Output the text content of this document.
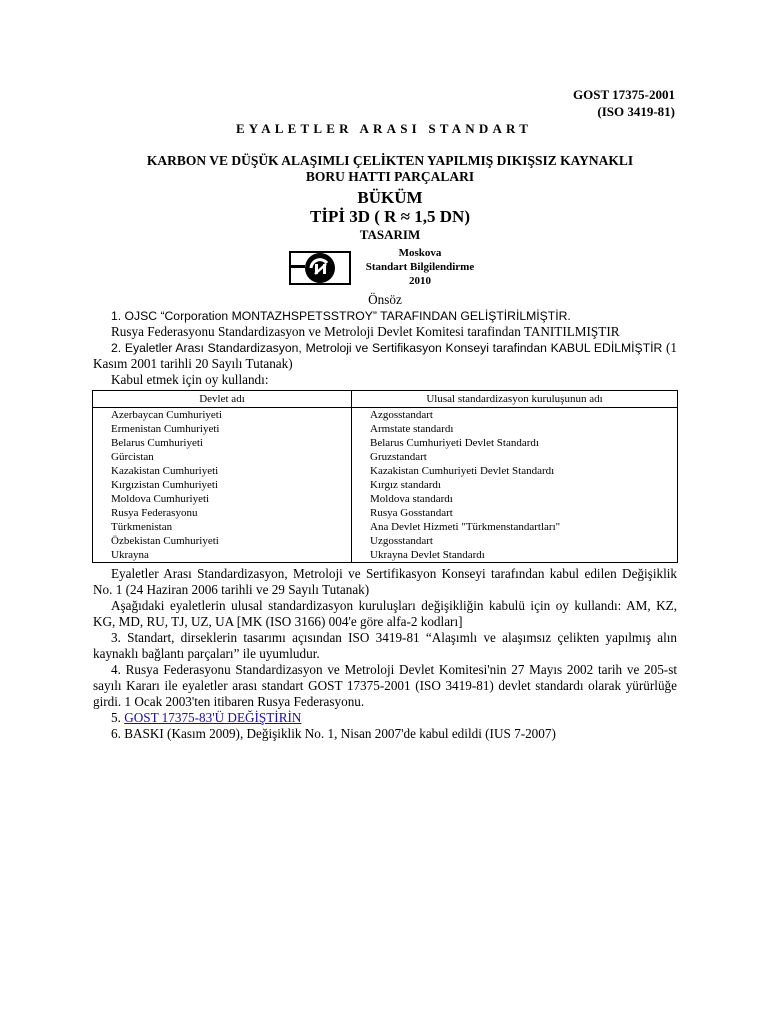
GOST 17375-2001
(ISO 3419-81)
EYALETLER ARASI STANDART
KARBON VE DÜŞÜK ALAŞIMLI ÇELİKTEN YAPILMIŞ DIKIŞSIZ KAYNAKLI
BORU HATTI PARÇALARI
BÜKÜM
TİPİ 3D ( R ≈ 1,5 DN)
TASARIM
Moskova
Standart Bilgilendirme
2010

Önsöz

1. OJSC “Corporation MONTAZHSPETSSTROY” TARAFINDAN GELİŞTİRİLMİŞTİR.

Rusya Federasyonu Standardizasyon ve Metroloji Devlet Komitesi tarafindan TANITILMIŞTIR

2. Eyaletler Arası Standardizasyon, Metroloji ve Sertifikasyon Konseyi tarafindan KABUL EDİLMİŞTİR (1 Kasım 2001 tarihli 20 Sayılı Tutanak)

Kabul etmek için oy kullandı:

Devlet adı	Ulusal standardizasyon kuruluşunun adı
Azerbaycan Cumhuriyeti	Azgosstandart
Ermenistan Cumhuriyeti	Armstate standardı
Belarus Cumhuriyeti	Belarus Cumhuriyeti Devlet Standardı
Gürcistan	Gruzstandart
Kazakistan Cumhuriyeti	Kazakistan Cumhuriyeti Devlet Standardı
Kırgızistan Cumhuriyeti	Kırgız standardı
Moldova Cumhuriyeti	Moldova standardı
Rusya Federasyonu	Rusya Gosstandart
Türkmenistan	Ana Devlet Hizmeti "Türkmenstandartları"
Özbekistan Cumhuriyeti	Uzgosstandart
Ukrayna	Ukrayna Devlet Standardı

Eyaletler Arası Standardizasyon, Metroloji ve Sertifikasyon Konseyi tarafından kabul edilen Değişiklik No. 1 (24 Haziran 2006 tarihli ve 29 Sayılı Tutanak)

Aşağıdaki eyaletlerin ulusal standardizasyon kuruluşları değişikliğin kabulü için oy kullandı: AM, KZ, KG, MD, RU, TJ, UZ, UA [MK (ISO 3166) 004'e göre alfa-2 kodları]

3. Standart, dirseklerin tasarımı açısından ISO 3419-81 “Alaşımlı ve alaşımsız çelikten yapılmış alın kaynaklı bağlantı parçaları” ile uyumludur.

4. Rusya Federasyonu Standardizasyon ve Metroloji Devlet Komitesi'nin 27 Mayıs 2002 tarih ve 205-st sayılı Kararı ile eyaletler arası standart GOST 17375-2001 (ISO 3419-81) devlet standardı olarak yürürlüğe girdi. 1 Ocak 2003'ten itibaren Rusya Federasyonu.

5. GOST 17375-83'Ü DEĞİŞTİRİN

6. BASKI (Kasım 2009), Değişiklik No. 1, Nisan 2007'de kabul edildi (IUS 7-2007)
